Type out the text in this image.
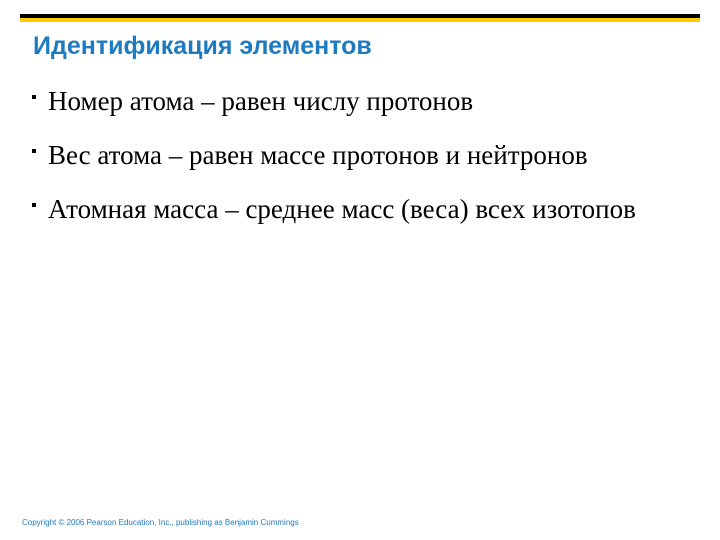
Идентификация элементов
Номер атома – равен числу протонов
Вес атома – равен массе протонов и нейтронов
Атомная масса – среднее масс (веса) всех изотопов

Copyright © 2006 Pearson Education, Inc., publishing as Benjamin Cummings
